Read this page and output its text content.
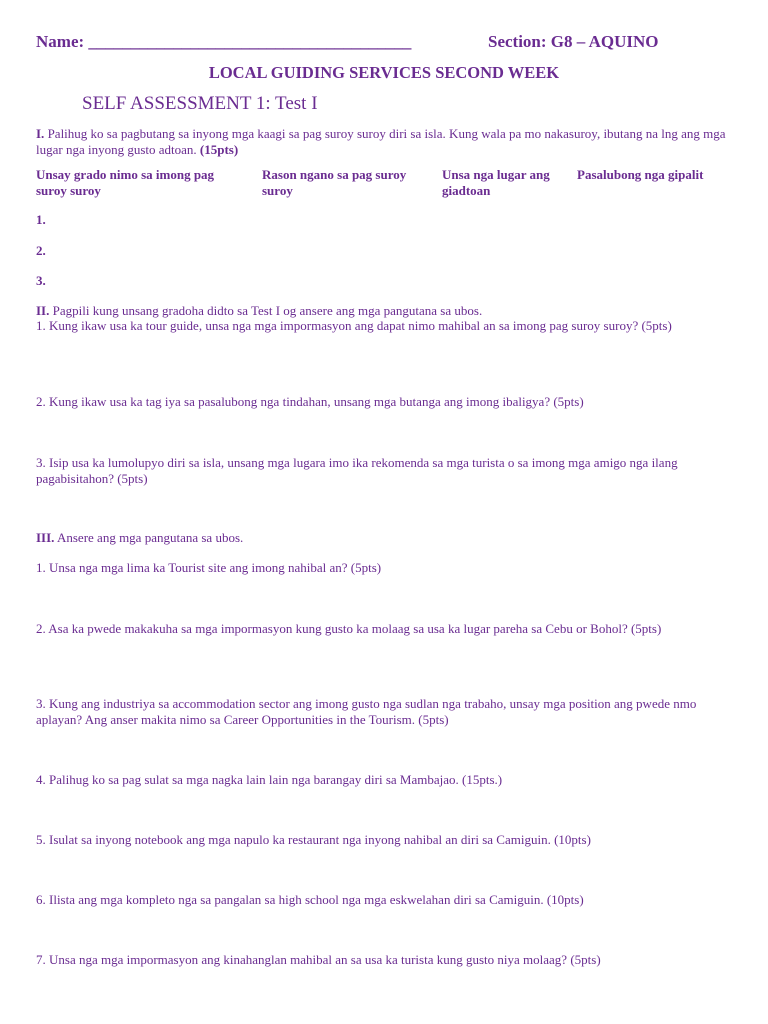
Name: ______________________________________	Section: G8 – AQUINO
LOCAL GUIDING SERVICES SECOND WEEK
SELF ASSESSMENT 1: Test I
I. Palihug ko sa pagbutang sa inyong mga kaagi sa pag suroy suroy diri sa isla. Kung wala pa mo nakasuroy, ibutang na lng ang mga lugar nga inyong gusto adtoan. (15pts)
Unsay grado nimo sa imong pag suroy suroy
Rason ngano sa pag suroy suroy
Unsa nga lugar ang giadtoan
Pasalubong nga gipalit
1.
2.
3.
II. Pagpili kung unsang gradoha didto sa Test I og ansere ang mga pangutana sa ubos.
1. Kung ikaw usa ka tour guide, unsa nga mga impormasyon ang dapat nimo mahibal an sa imong pag suroy suroy? (5pts)
2. Kung ikaw usa ka tag iya sa pasalubong nga tindahan, unsang mga butanga ang imong ibaligya? (5pts)
3. Isip usa ka lumolupyo diri sa isla, unsang mga lugara imo ika rekomenda sa mga turista o sa imong mga amigo nga ilang pagabisitahon? (5pts)
III. Ansere ang mga pangutana sa ubos.
1. Unsa nga mga lima ka Tourist site ang imong nahibal an? (5pts)
2. Asa ka pwede makakuha sa mga impormasyon kung gusto ka molaag sa usa ka lugar pareha sa Cebu or Bohol? (5pts)
3. Kung ang industriya sa accommodation sector ang imong gusto nga sudlan nga trabaho, unsay mga position ang pwede nmo aplayan? Ang anser makita nimo sa Career Opportunities in the Tourism. (5pts)
4. Palihug ko sa pag sulat sa mga nagka lain lain nga barangay diri sa Mambajao. (15pts.)
5. Isulat sa inyong notebook ang mga napulo ka restaurant nga inyong nahibal an diri sa Camiguin. (10pts)
6. Ilista ang mga kompleto nga sa pangalan sa high school nga mga eskwelahan diri sa Camiguin. (10pts)
7. Unsa nga mga impormasyon ang kinahanglan mahibal an sa usa ka turista kung gusto niya molaag? (5pts)
